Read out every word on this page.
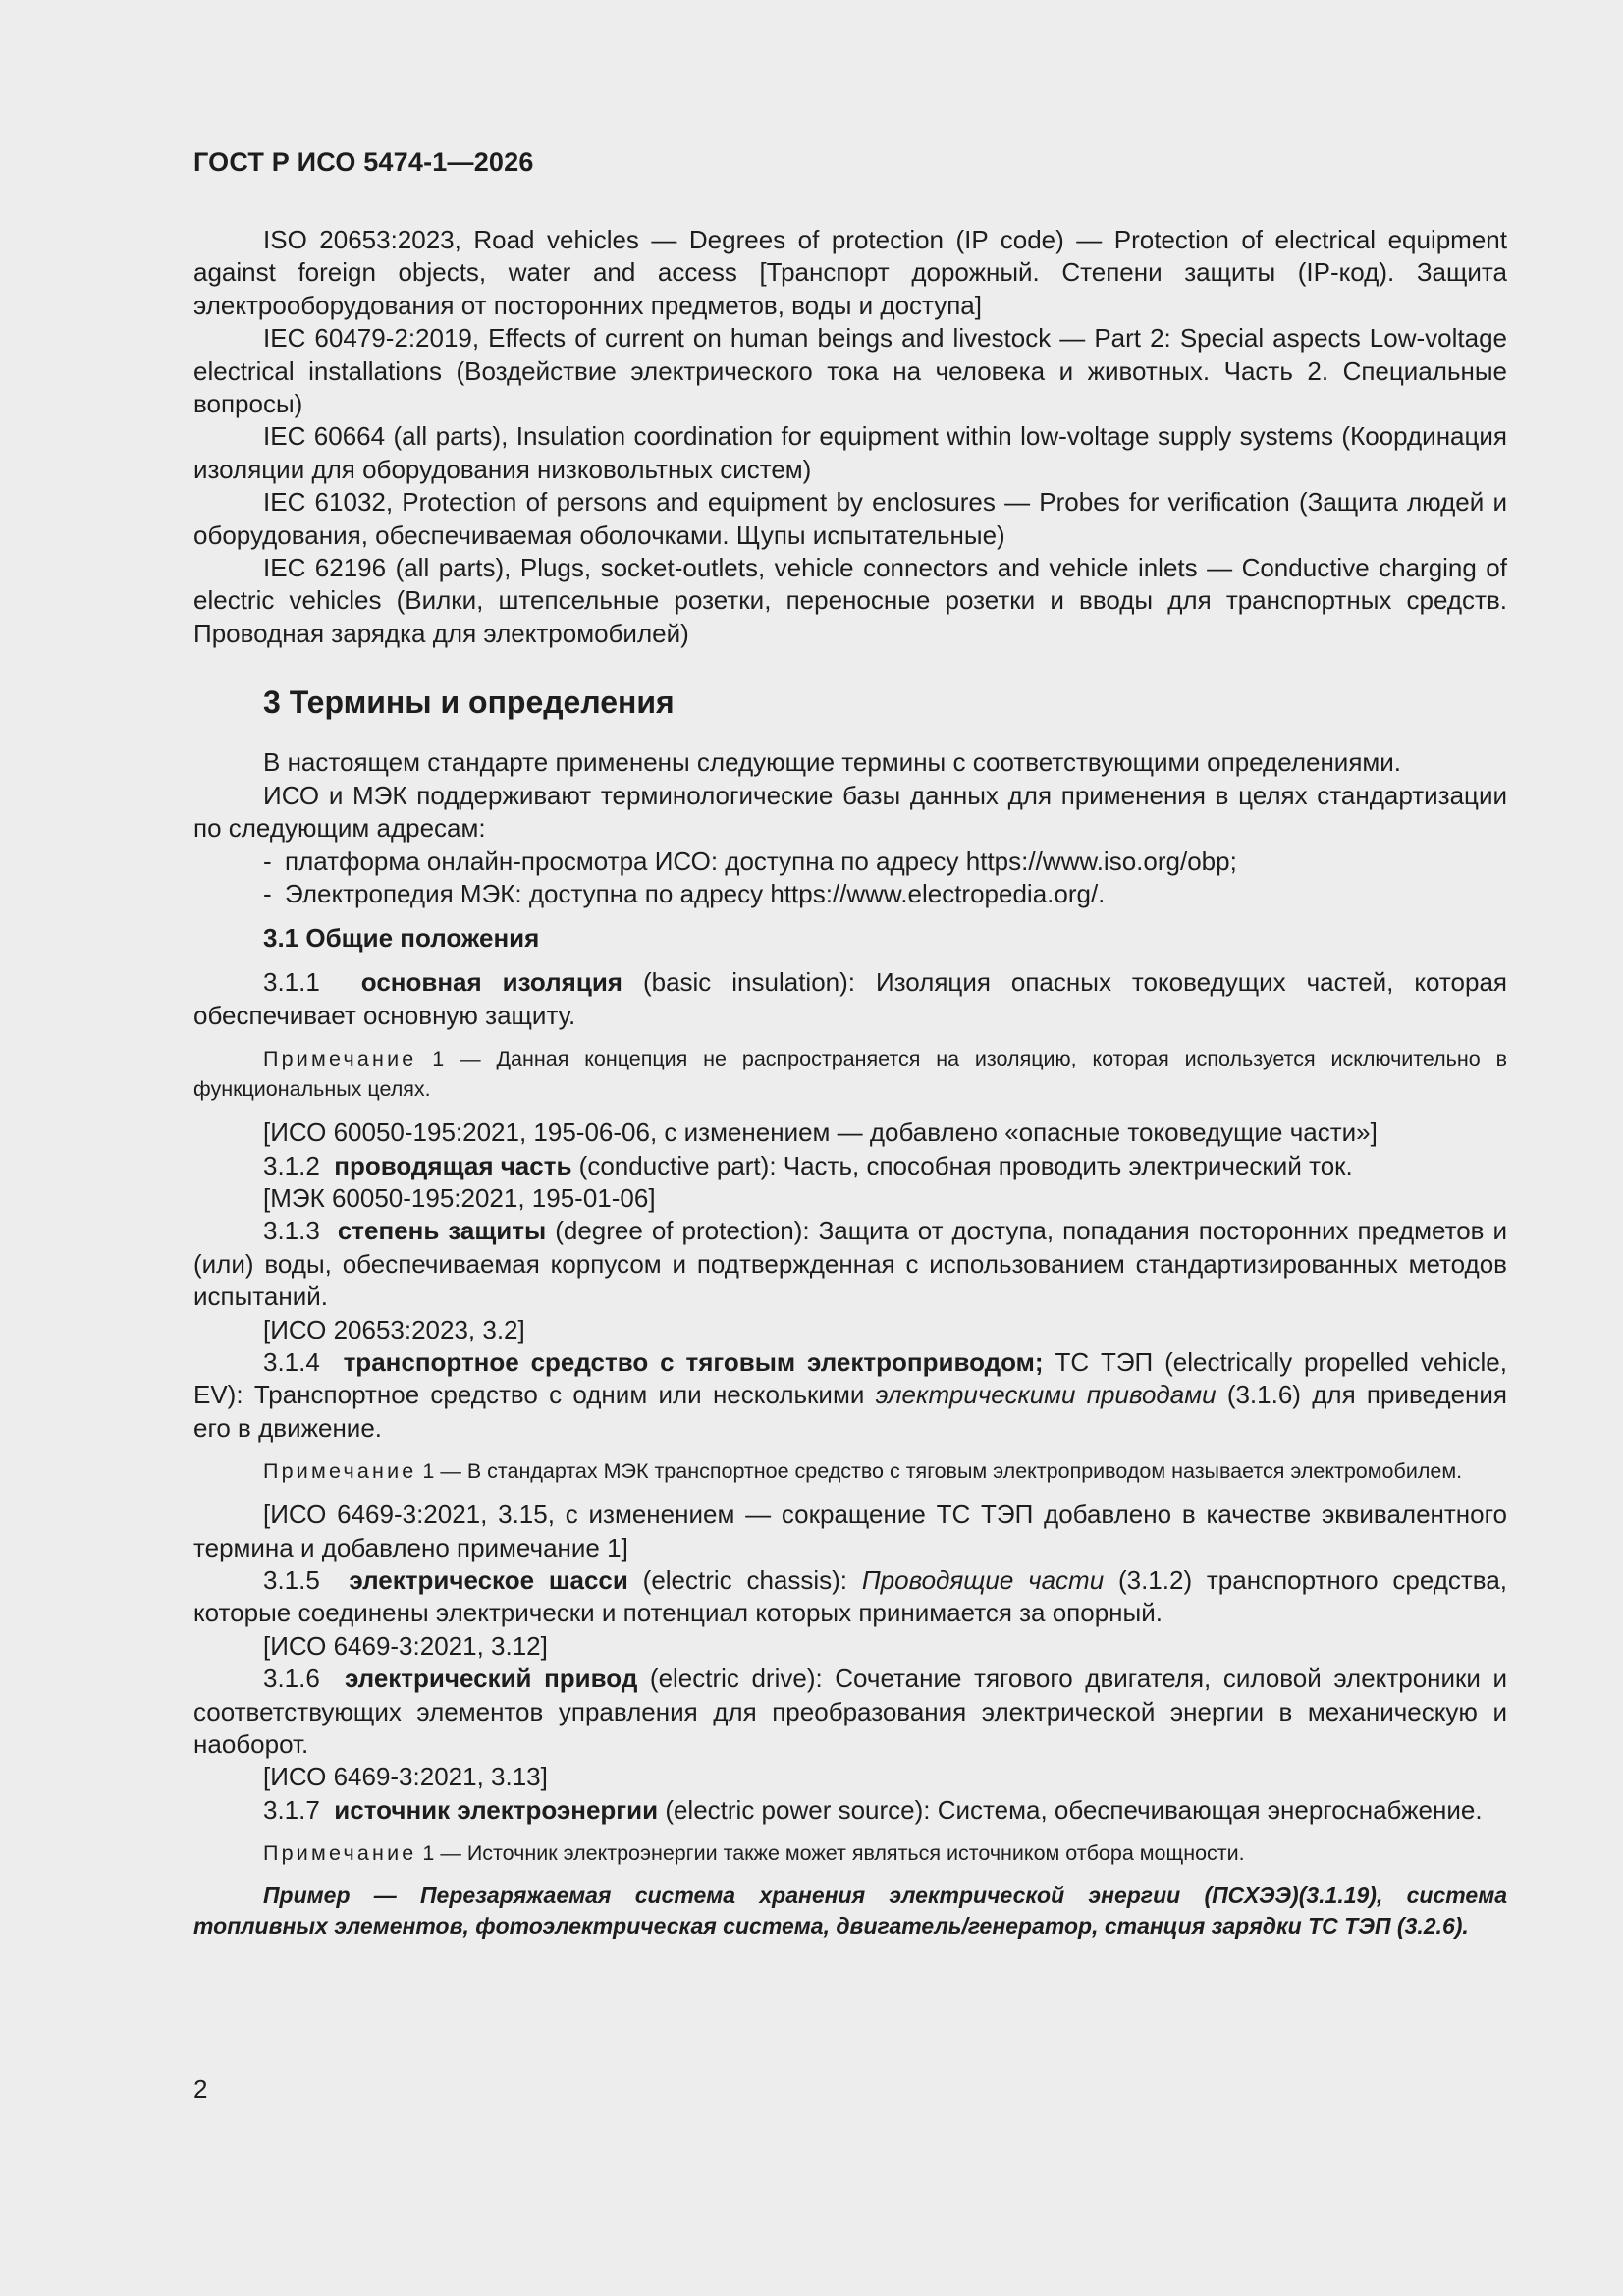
ГОСТ Р ИСО 5474-1—2026

ISO 20653:2023, Road vehicles — Degrees of protection (IP code) — Protection of electrical equipment against foreign objects, water and access [Транспорт дорожный. Степени защиты (IP-код). Защита электрооборудования от посторонних предметов, воды и доступа]

IEC 60479-2:2019, Effects of current on human beings and livestock — Part 2: Special aspects Low-voltage electrical installations (Воздействие электрического тока на человека и животных. Часть 2. Специальные вопросы)

IEC 60664 (all parts), Insulation coordination for equipment within low-voltage supply systems (Координация изоляции для оборудования низковольтных систем)

IEC 61032, Protection of persons and equipment by enclosures — Probes for verification (Защита людей и оборудования, обеспечиваемая оболочками. Щупы испытательные)

IEC 62196 (all parts), Plugs, socket-outlets, vehicle connectors and vehicle inlets — Conductive charging of electric vehicles (Вилки, штепсельные розетки, переносные розетки и вводы для транспортных средств. Проводная зарядка для электромобилей)

3 Термины и определения

В настоящем стандарте применены следующие термины с соответствующими определениями.

ИСО и МЭК поддерживают терминологические базы данных для применения в целях стандартизации по следующим адресам:

- платформа онлайн-просмотра ИСО: доступна по адресу https://www.iso.org/obp;
- Электропедия МЭК: доступна по адресу https://www.electropedia.org/.
3.1 Общие положения

3.1.1 основная изоляция (basic insulation): Изоляция опасных токоведущих частей, которая обеспечивает основную защиту.

Примечание 1 — Данная концепция не распространяется на изоляцию, которая используется исключительно в функциональных целях.

[ИСО 60050-195:2021, 195-06-06, с изменением — добавлено «опасные токоведущие части»]

3.1.2 проводящая часть (conductive part): Часть, способная проводить электрический ток.

[МЭК 60050-195:2021, 195-01-06]

3.1.3 степень защиты (degree of protection): Защита от доступа, попадания посторонних предметов и (или) воды, обеспечиваемая корпусом и подтвержденная с использованием стандартизированных методов испытаний.

[ИСО 20653:2023, 3.2]

3.1.4 транспортное средство с тяговым электроприводом; ТС ТЭП (electrically propelled vehicle, EV): Транспортное средство с одним или несколькими электрическими приводами (3.1.6) для приведения его в движение.

Примечание 1 — В стандартах МЭК транспортное средство с тяговым электроприводом называется электромобилем.

[ИСО 6469-3:2021, 3.15, с изменением — сокращение ТС ТЭП добавлено в качестве эквивалентного термина и добавлено примечание 1]

3.1.5 электрическое шасси (electric chassis): Проводящие части (3.1.2) транспортного средства, которые соединены электрически и потенциал которых принимается за опорный.

[ИСО 6469-3:2021, 3.12]

3.1.6 электрический привод (electric drive): Сочетание тягового двигателя, силовой электроники и соответствующих элементов управления для преобразования электрической энергии в механическую и наоборот.

[ИСО 6469-3:2021, 3.13]

3.1.7 источник электроэнергии (electric power source): Система, обеспечивающая энергоснабжение.

Примечание 1 — Источник электроэнергии также может являться источником отбора мощности.

Пример — Перезаряжаемая система хранения электрической энергии (ПСХЭЭ)(3.1.19), система топливных элементов, фотоэлектрическая система, двигатель/генератор, станция зарядки ТС ТЭП (3.2.6).

2
